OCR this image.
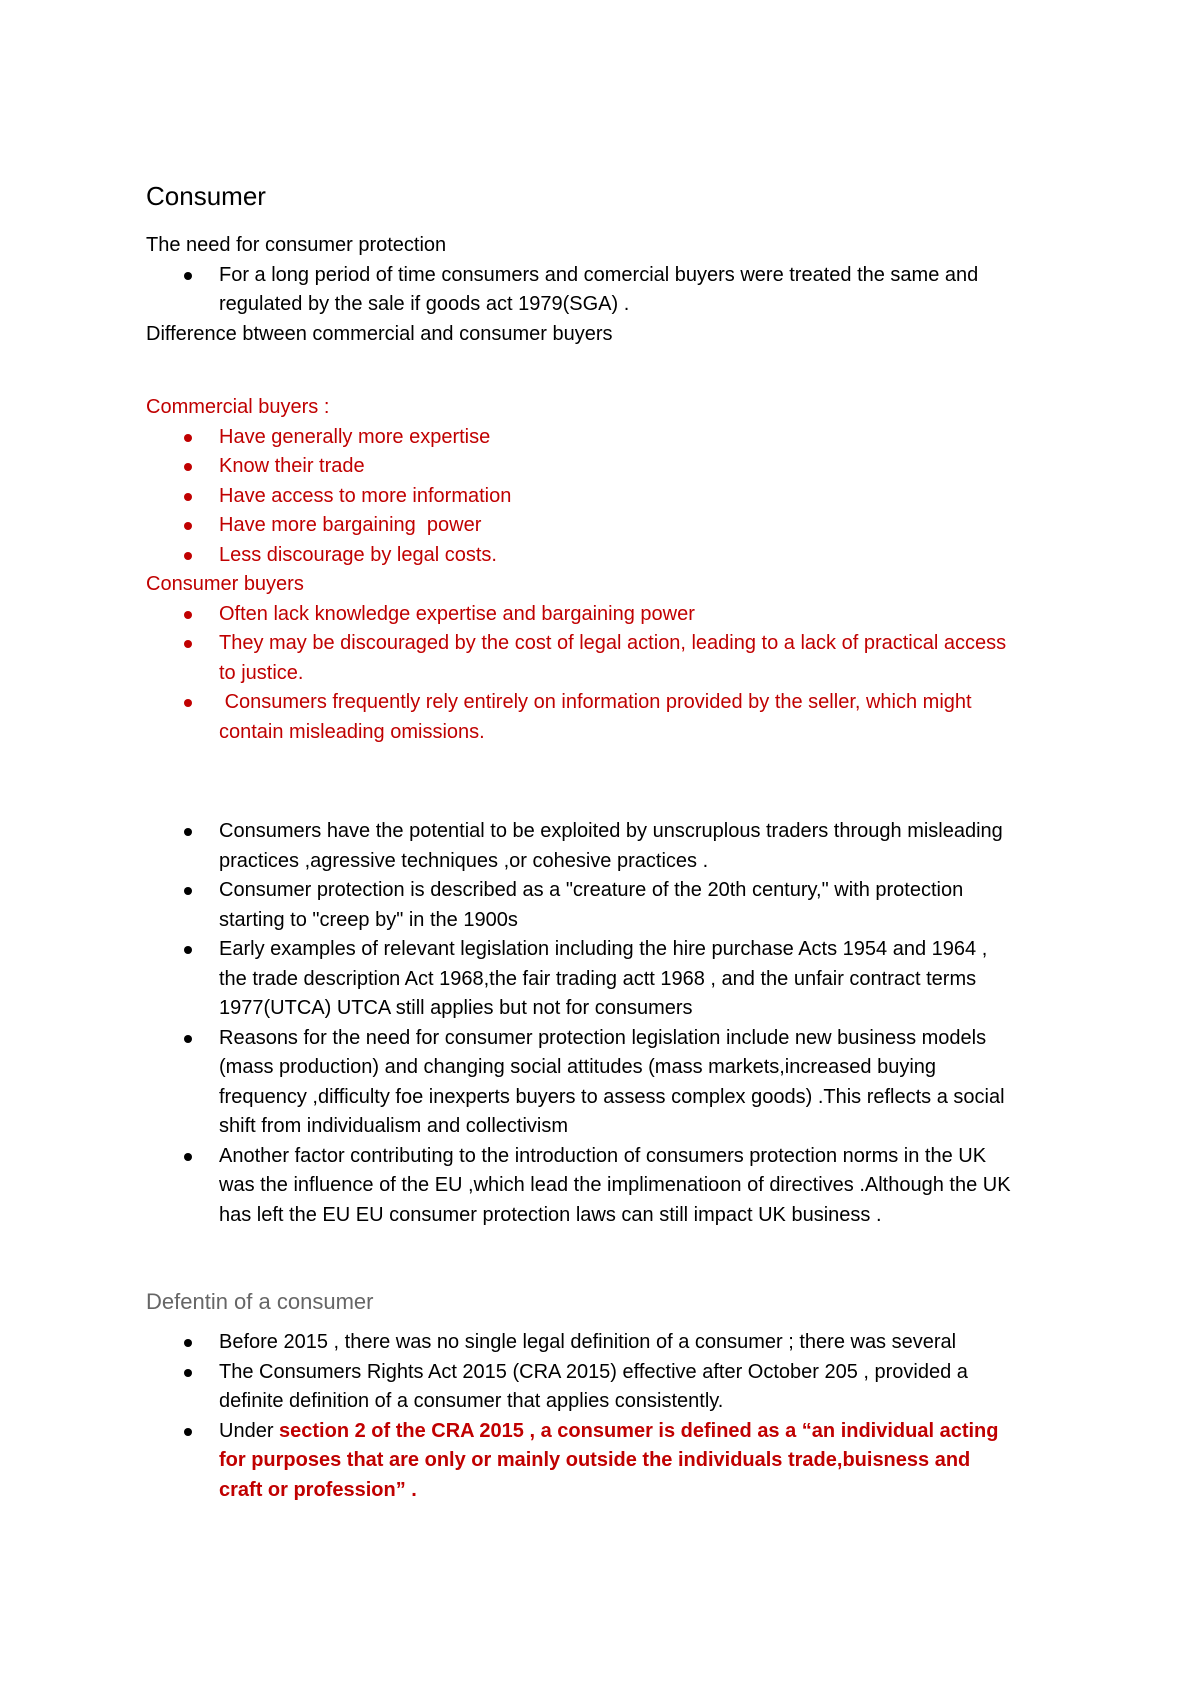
Consumer

The need for consumer protection

For a long period of time consumers and comercial buyers were treated the same and regulated by the sale if goods act 1979(SGA) .

Difference btween commercial and consumer buyers

Commercial buyers :

Have generally more expertise
Know their trade
Have access to more information
Have more bargaining  power
Less discourage by legal costs.

Consumer buyers

Often lack knowledge expertise and bargaining power
They may be discouraged by the cost of legal action, leading to a lack of practical access to justice.
Consumers frequently rely entirely on information provided by the seller, which might contain misleading omissions.
Consumers have the potential to be exploited by unscruplous traders through misleading practices ,agressive techniques ,or cohesive practices .
Consumer protection is described as a "creature of the 20th century," with protection starting to "creep by" in the 1900s
Early examples of relevant legislation including the hire purchase Acts 1954 and 1964 , the trade description Act 1968,the fair trading actt 1968 , and the unfair contract terms 1977(UTCA) UTCA still applies but not for consumers
Reasons for the need for consumer protection legislation include new business models (mass production) and changing social attitudes (mass markets,increased buying frequency ,difficulty foe inexperts buyers to assess complex goods) .This reflects a social shift from individualism and collectivism
Another factor contributing to the introduction of consumers protection norms in the UK was the influence of the EU ,which lead the implimenatioon of directives .Although the UK has left the EU EU consumer protection laws can still impact UK business .

Defentin of a consumer

Before 2015 , there was no single legal definition of a consumer ; there was several
The Consumers Rights Act 2015 (CRA 2015) effective after October 205 , provided a definite definition of a consumer that applies consistently.
Under section 2 of the CRA 2015 , a consumer is defined as a “an individual acting for purposes that are only or mainly outside the individuals trade,buisness and craft or profession” .
